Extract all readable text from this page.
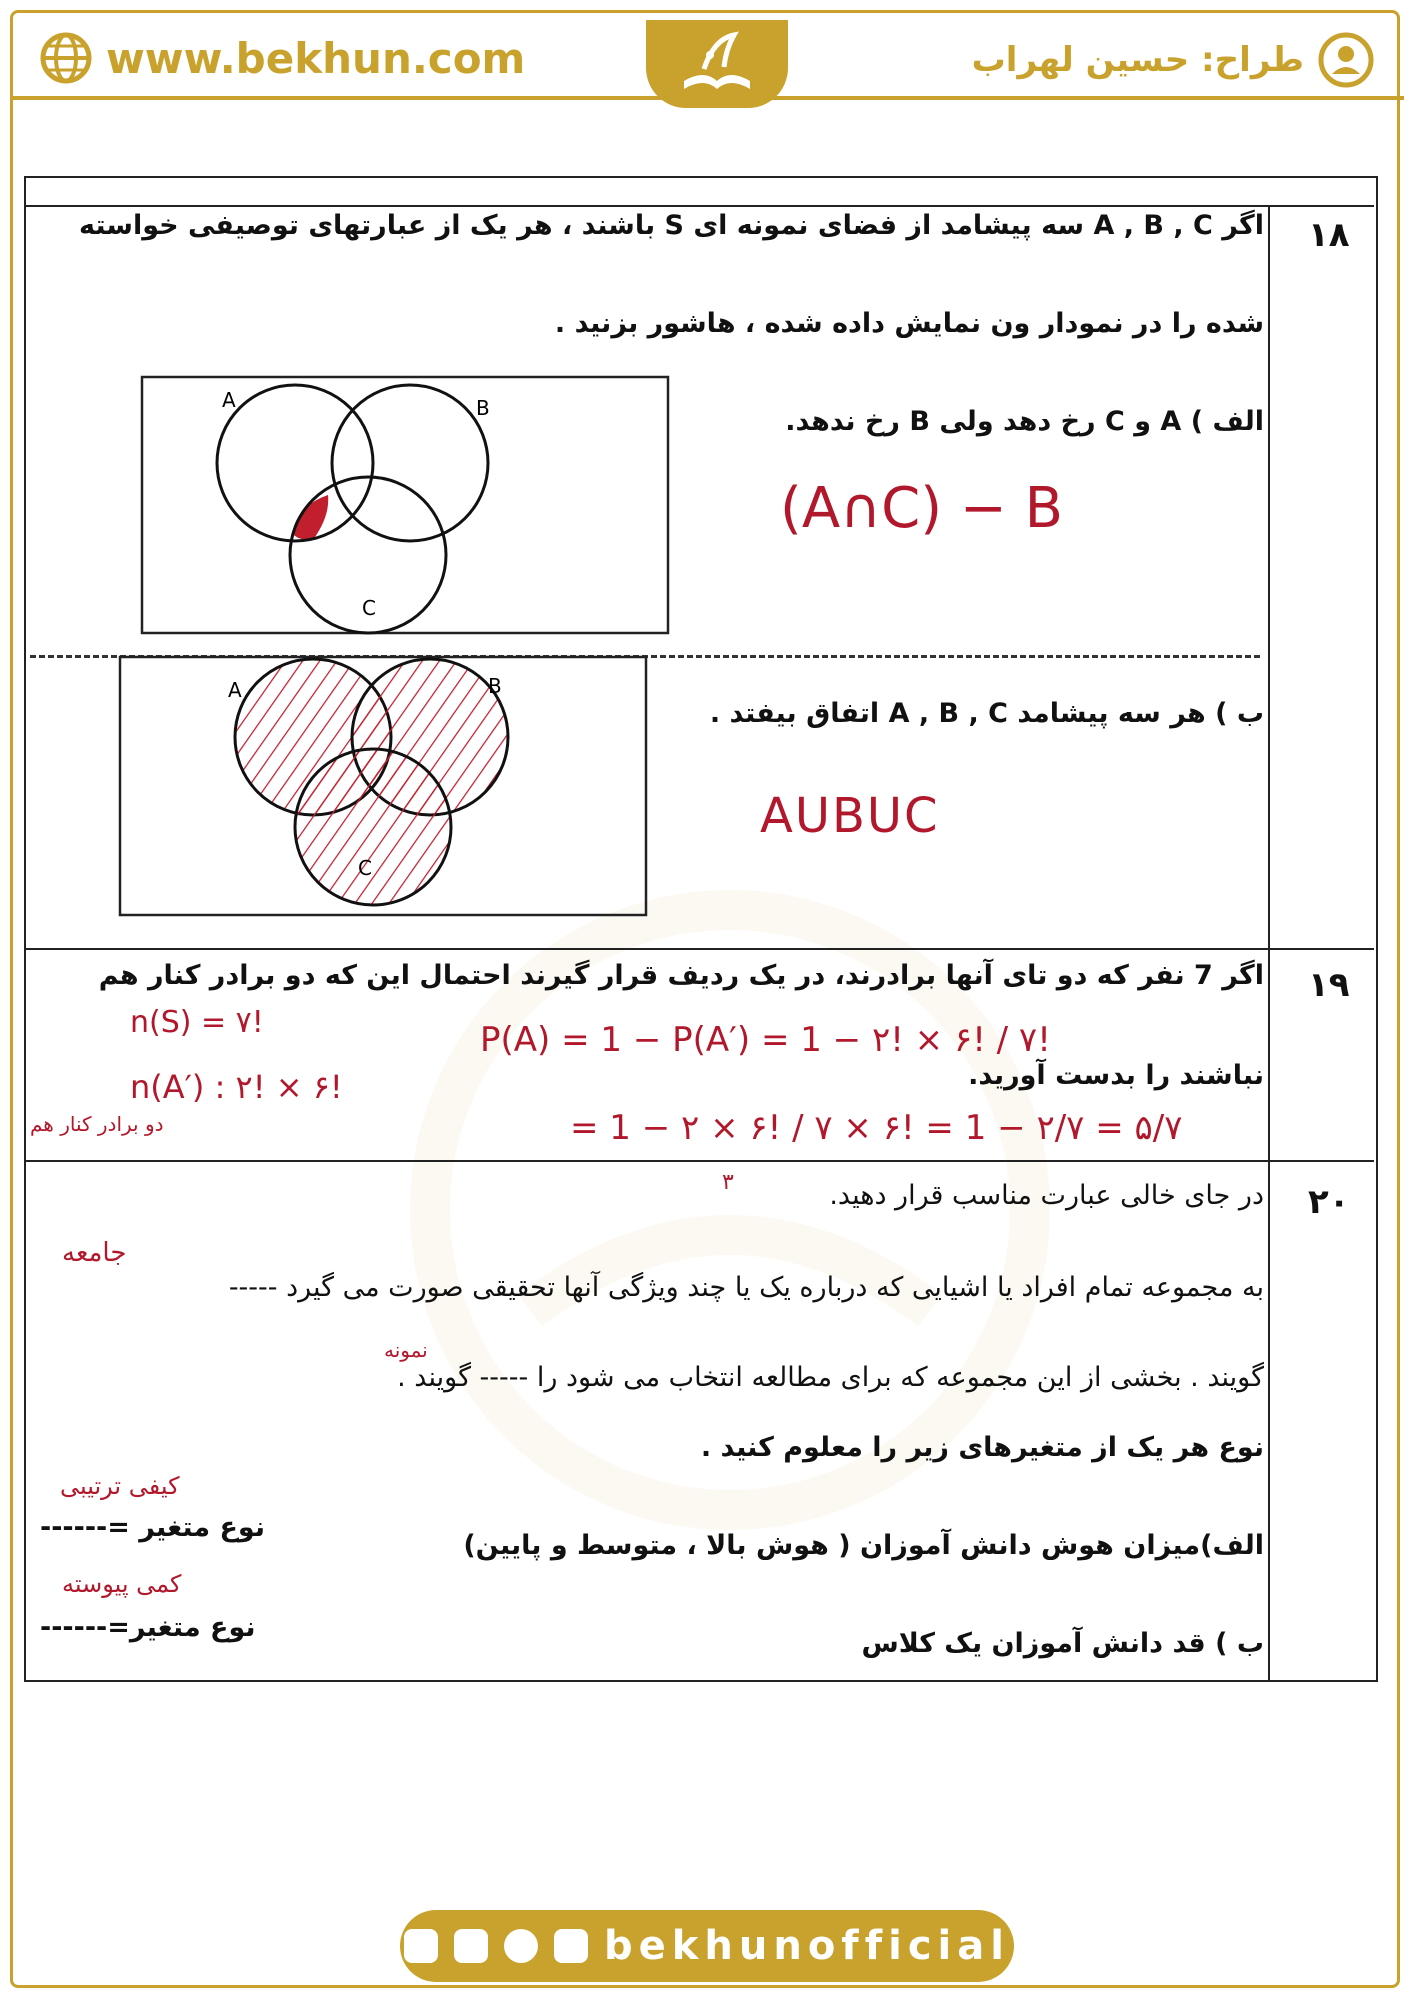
www.bekhun.com	طراح: حسین لهراب
۱۸
اگر A , B , C سه پیشامد از فضای نمونه ای S باشند ، هر یک از عبارتهای توصیفی خواسته
شده را در نمودار ون نمایش داده شده ، هاشور بزنید .
الف ) A و C رخ دهد ولی B رخ ندهد.
(A∩C) − B
A	B
C
ب ) هر سه پیشامد A , B , C اتفاق بیفتد .
AUBUC
A	B
C
۱۹
اگر 7 نفر که دو تای آنها برادرند، در یک ردیف قرار گیرند احتمال این که دو برادر کنار هم
نباشند را بدست آورید.
n(S) = ۷!
n(A′) : ۲! × ۶!
دو برادر کنار هم
P(A) = 1 − P(A′) = 1 − ۲! × ۶! / ۷!
= 1 − ۲ × ۶! / ۷ × ۶! = 1 − ۲/۷ = ۵/۷
۲۰
در جای خالی عبارت مناسب قرار دهید.
۳
به مجموعه تمام افراد یا اشیایی که درباره یک یا چند ویژگی آنها تحقیقی صورت می گیرد -----
جامعه
گویند . بخشی از این مجموعه که برای مطالعه انتخاب می شود را ----- گویند .
نمونه
نوع هر یک از متغیرهای زیر را معلوم کنید .
الف)میزان هوش دانش آموزان ( هوش بالا ، متوسط و پایین)
نوع متغیر =------
کیفی ترتیبی
ب ) قد دانش آموزان یک کلاس
نوع متغیر=------
کمی پیوسته
bekhunofficial
